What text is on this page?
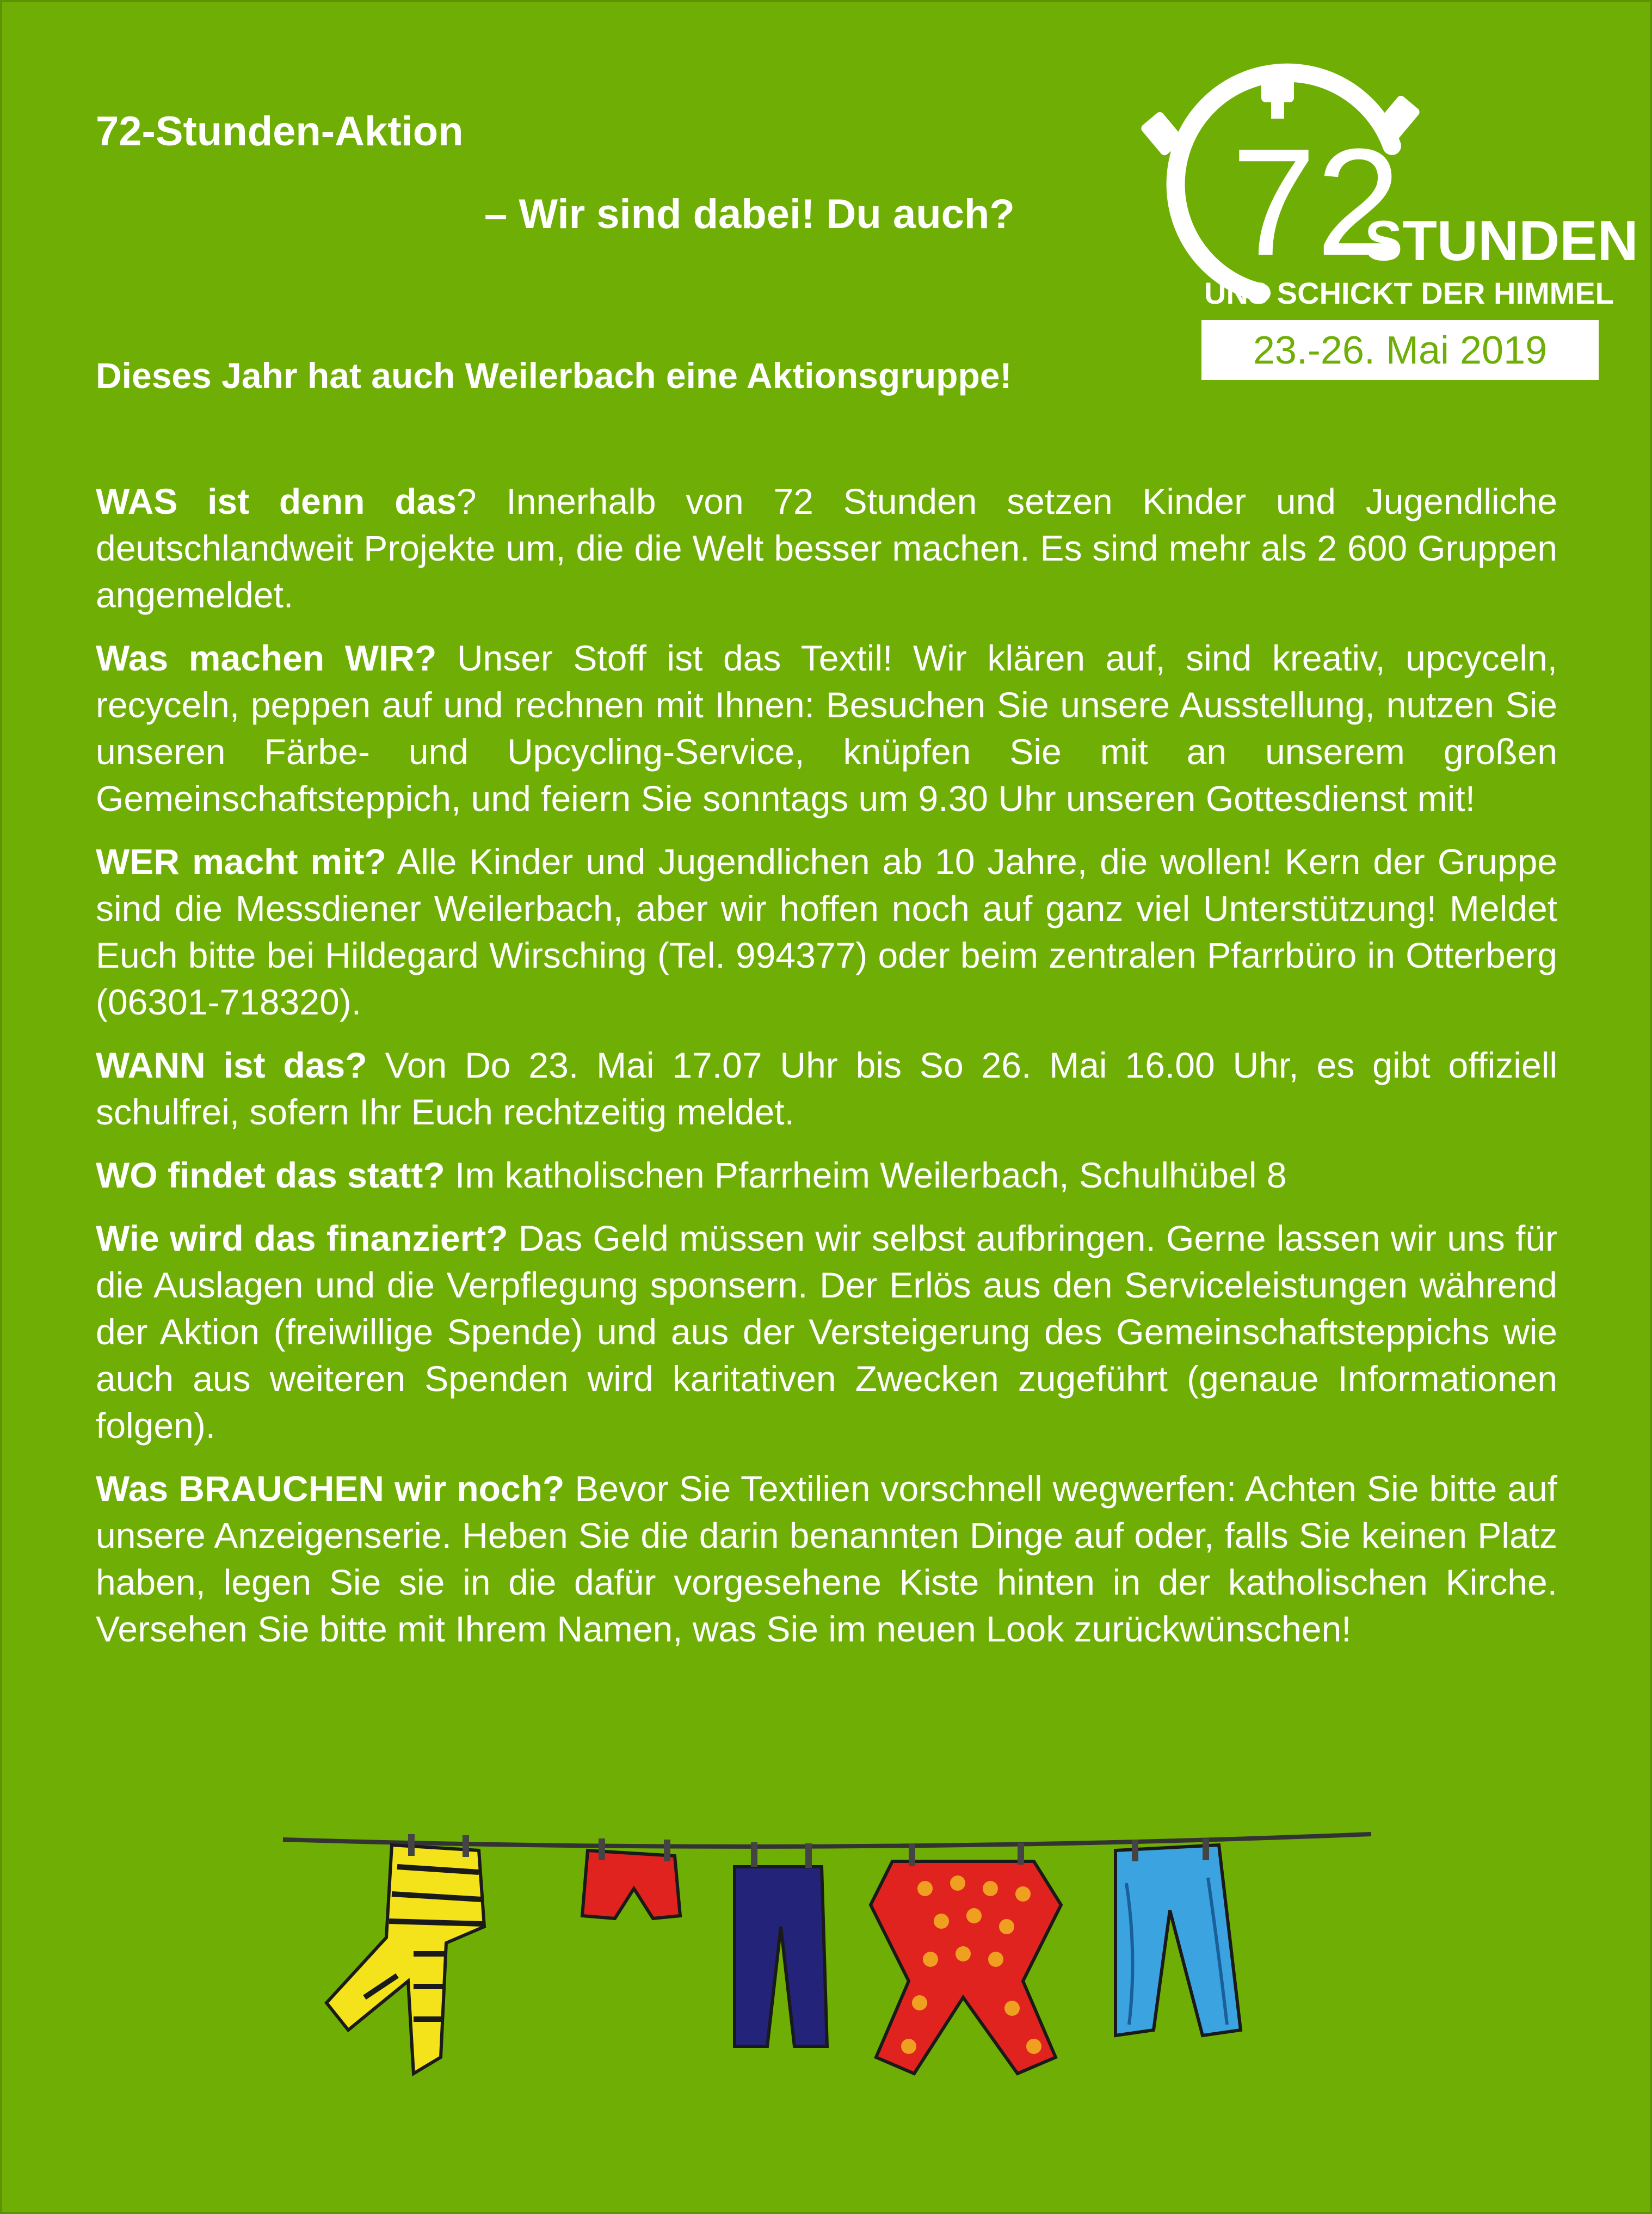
72-Stunden-Aktion
– Wir sind dabei! Du auch?

Dieses Jahr hat auch Weilerbach eine Aktionsgruppe!

72
STUNDEN
UNS SCHICKT DER HIMMEL
23.-26. Mai 2019

WAS ist denn das? Innerhalb von 72 Stunden setzen Kinder und Jugendliche deutschlandweit Projekte um, die die Welt besser machen. Es sind mehr als 2 600 Gruppen angemeldet.

Was machen WIR? Unser Stoff ist das Textil! Wir klären auf, sind kreativ, upcyceln, recyceln, peppen auf und rechnen mit Ihnen: Besuchen Sie unsere Ausstellung, nutzen Sie unseren Färbe- und Upcycling-Service, knüpfen Sie mit an unserem großen Gemeinschaftsteppich, und feiern Sie sonntags um 9.30 Uhr unseren Gottesdienst mit!

WER macht mit? Alle Kinder und Jugendlichen ab 10 Jahre, die wollen! Kern der Gruppe sind die Messdiener Weilerbach, aber wir hoffen noch auf ganz viel Unterstützung! Meldet Euch bitte bei Hildegard Wirsching (Tel. 994377) oder beim zentralen Pfarrbüro in Otterberg (06301-718320).

WANN ist das? Von Do 23. Mai 17.07 Uhr bis So 26. Mai 16.00 Uhr, es gibt offiziell schulfrei, sofern Ihr Euch rechtzeitig meldet.

WO findet das statt? Im katholischen Pfarrheim Weilerbach, Schulhübel 8

Wie wird das finanziert? Das Geld müssen wir selbst aufbringen. Gerne lassen wir uns für die Auslagen und die Verpflegung sponsern. Der Erlös aus den Serviceleistungen während der Aktion (freiwillige Spende) und aus der Versteigerung des Gemeinschaftsteppichs wie auch aus weiteren Spenden wird karitativen Zwecken zugeführt (genaue Informationen folgen).

Was BRAUCHEN wir noch? Bevor Sie Textilien vorschnell wegwerfen: Achten Sie bitte auf unsere Anzeigenserie. Heben Sie die darin benannten Dinge auf oder, falls Sie keinen Platz haben, legen Sie sie in die dafür vorgesehene Kiste hinten in der katholischen Kirche. Versehen Sie bitte mit Ihrem Namen, was Sie im neuen Look zurückwünschen!
